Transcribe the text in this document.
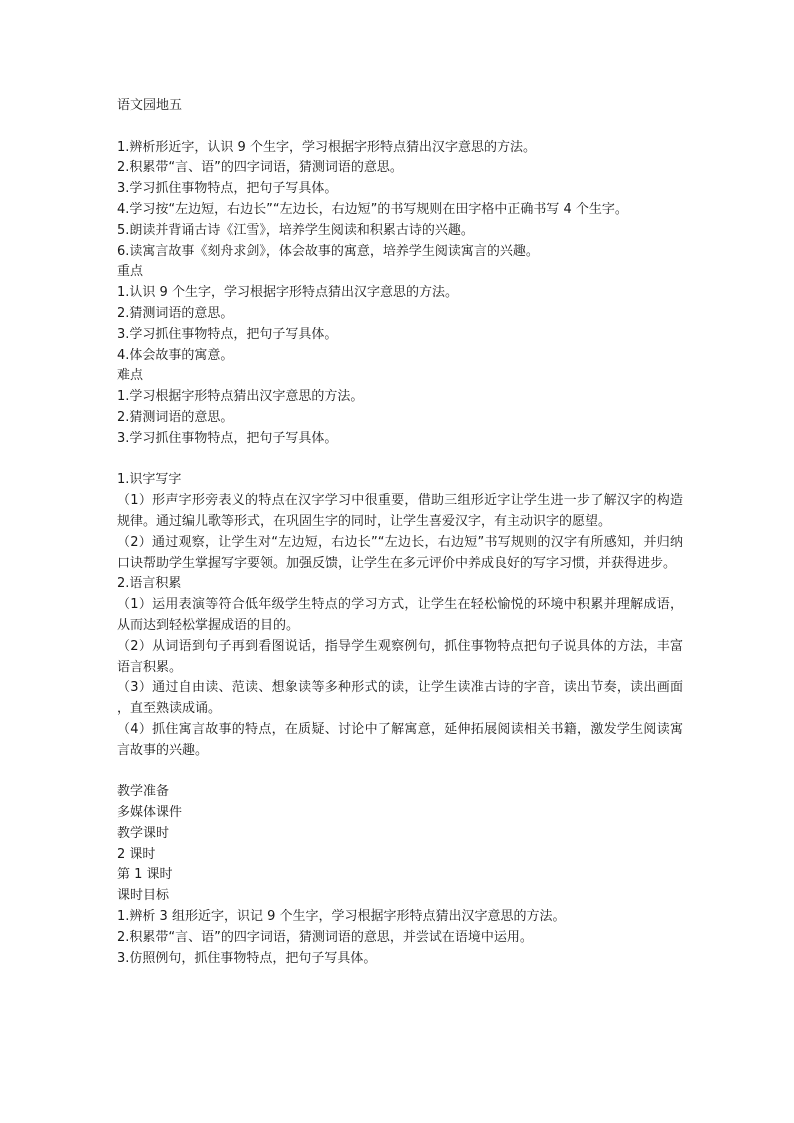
语文园地五
1.辨析形近字，认识 9 个生字，学习根据字形特点猜出汉字意思的方法。
2.积累带“言、语”的四字词语，猜测词语的意思。
3.学习抓住事物特点，把句子写具体。
4.学习按“左边短，右边长”“左边长，右边短”的书写规则在田字格中正确书写 4 个生字。
5.朗读并背诵古诗《江雪》，培养学生阅读和积累古诗的兴趣。
6.读寓言故事《刻舟求剑》，体会故事的寓意，培养学生阅读寓言的兴趣。
重点
1.认识 9 个生字，学习根据字形特点猜出汉字意思的方法。
2.猜测词语的意思。
3.学习抓住事物特点，把句子写具体。
4.体会故事的寓意。
难点
1.学习根据字形特点猜出汉字意思的方法。
2.猜测词语的意思。
3.学习抓住事物特点，把句子写具体。
1.识字写字
（1）形声字形旁表义的特点在汉字学习中很重要，借助三组形近字让学生进一步了解汉字的构造规律。通过编儿歌等形式，在巩固生字的同时，让学生喜爱汉字，有主动识字的愿望。
（2）通过观察，让学生对“左边短，右边长”“左边长，右边短”书写规则的汉字有所感知，并归纳口诀帮助学生掌握写字要领。加强反馈，让学生在多元评价中养成良好的写字习惯，并获得进步。
2.语言积累
（1）运用表演等符合低年级学生特点的学习方式，让学生在轻松愉悦的环境中积累并理解成语，从而达到轻松掌握成语的目的。
（2）从词语到句子再到看图说话，指导学生观察例句，抓住事物特点把句子说具体的方法，丰富语言积累。
（3）通过自由读、范读、想象读等多种形式的读，让学生读准古诗的字音，读出节奏，读出画面，直至熟读成诵。
（4）抓住寓言故事的特点，在质疑、讨论中了解寓意，延伸拓展阅读相关书籍，激发学生阅读寓言故事的兴趣。
教学准备
多媒体课件
教学课时
2 课时
第 1 课时
课时目标
1.辨析 3 组形近字，识记 9 个生字，学习根据字形特点猜出汉字意思的方法。
2.积累带“言、语”的四字词语，猜测词语的意思，并尝试在语境中运用。
3.仿照例句，抓住事物特点，把句子写具体。
